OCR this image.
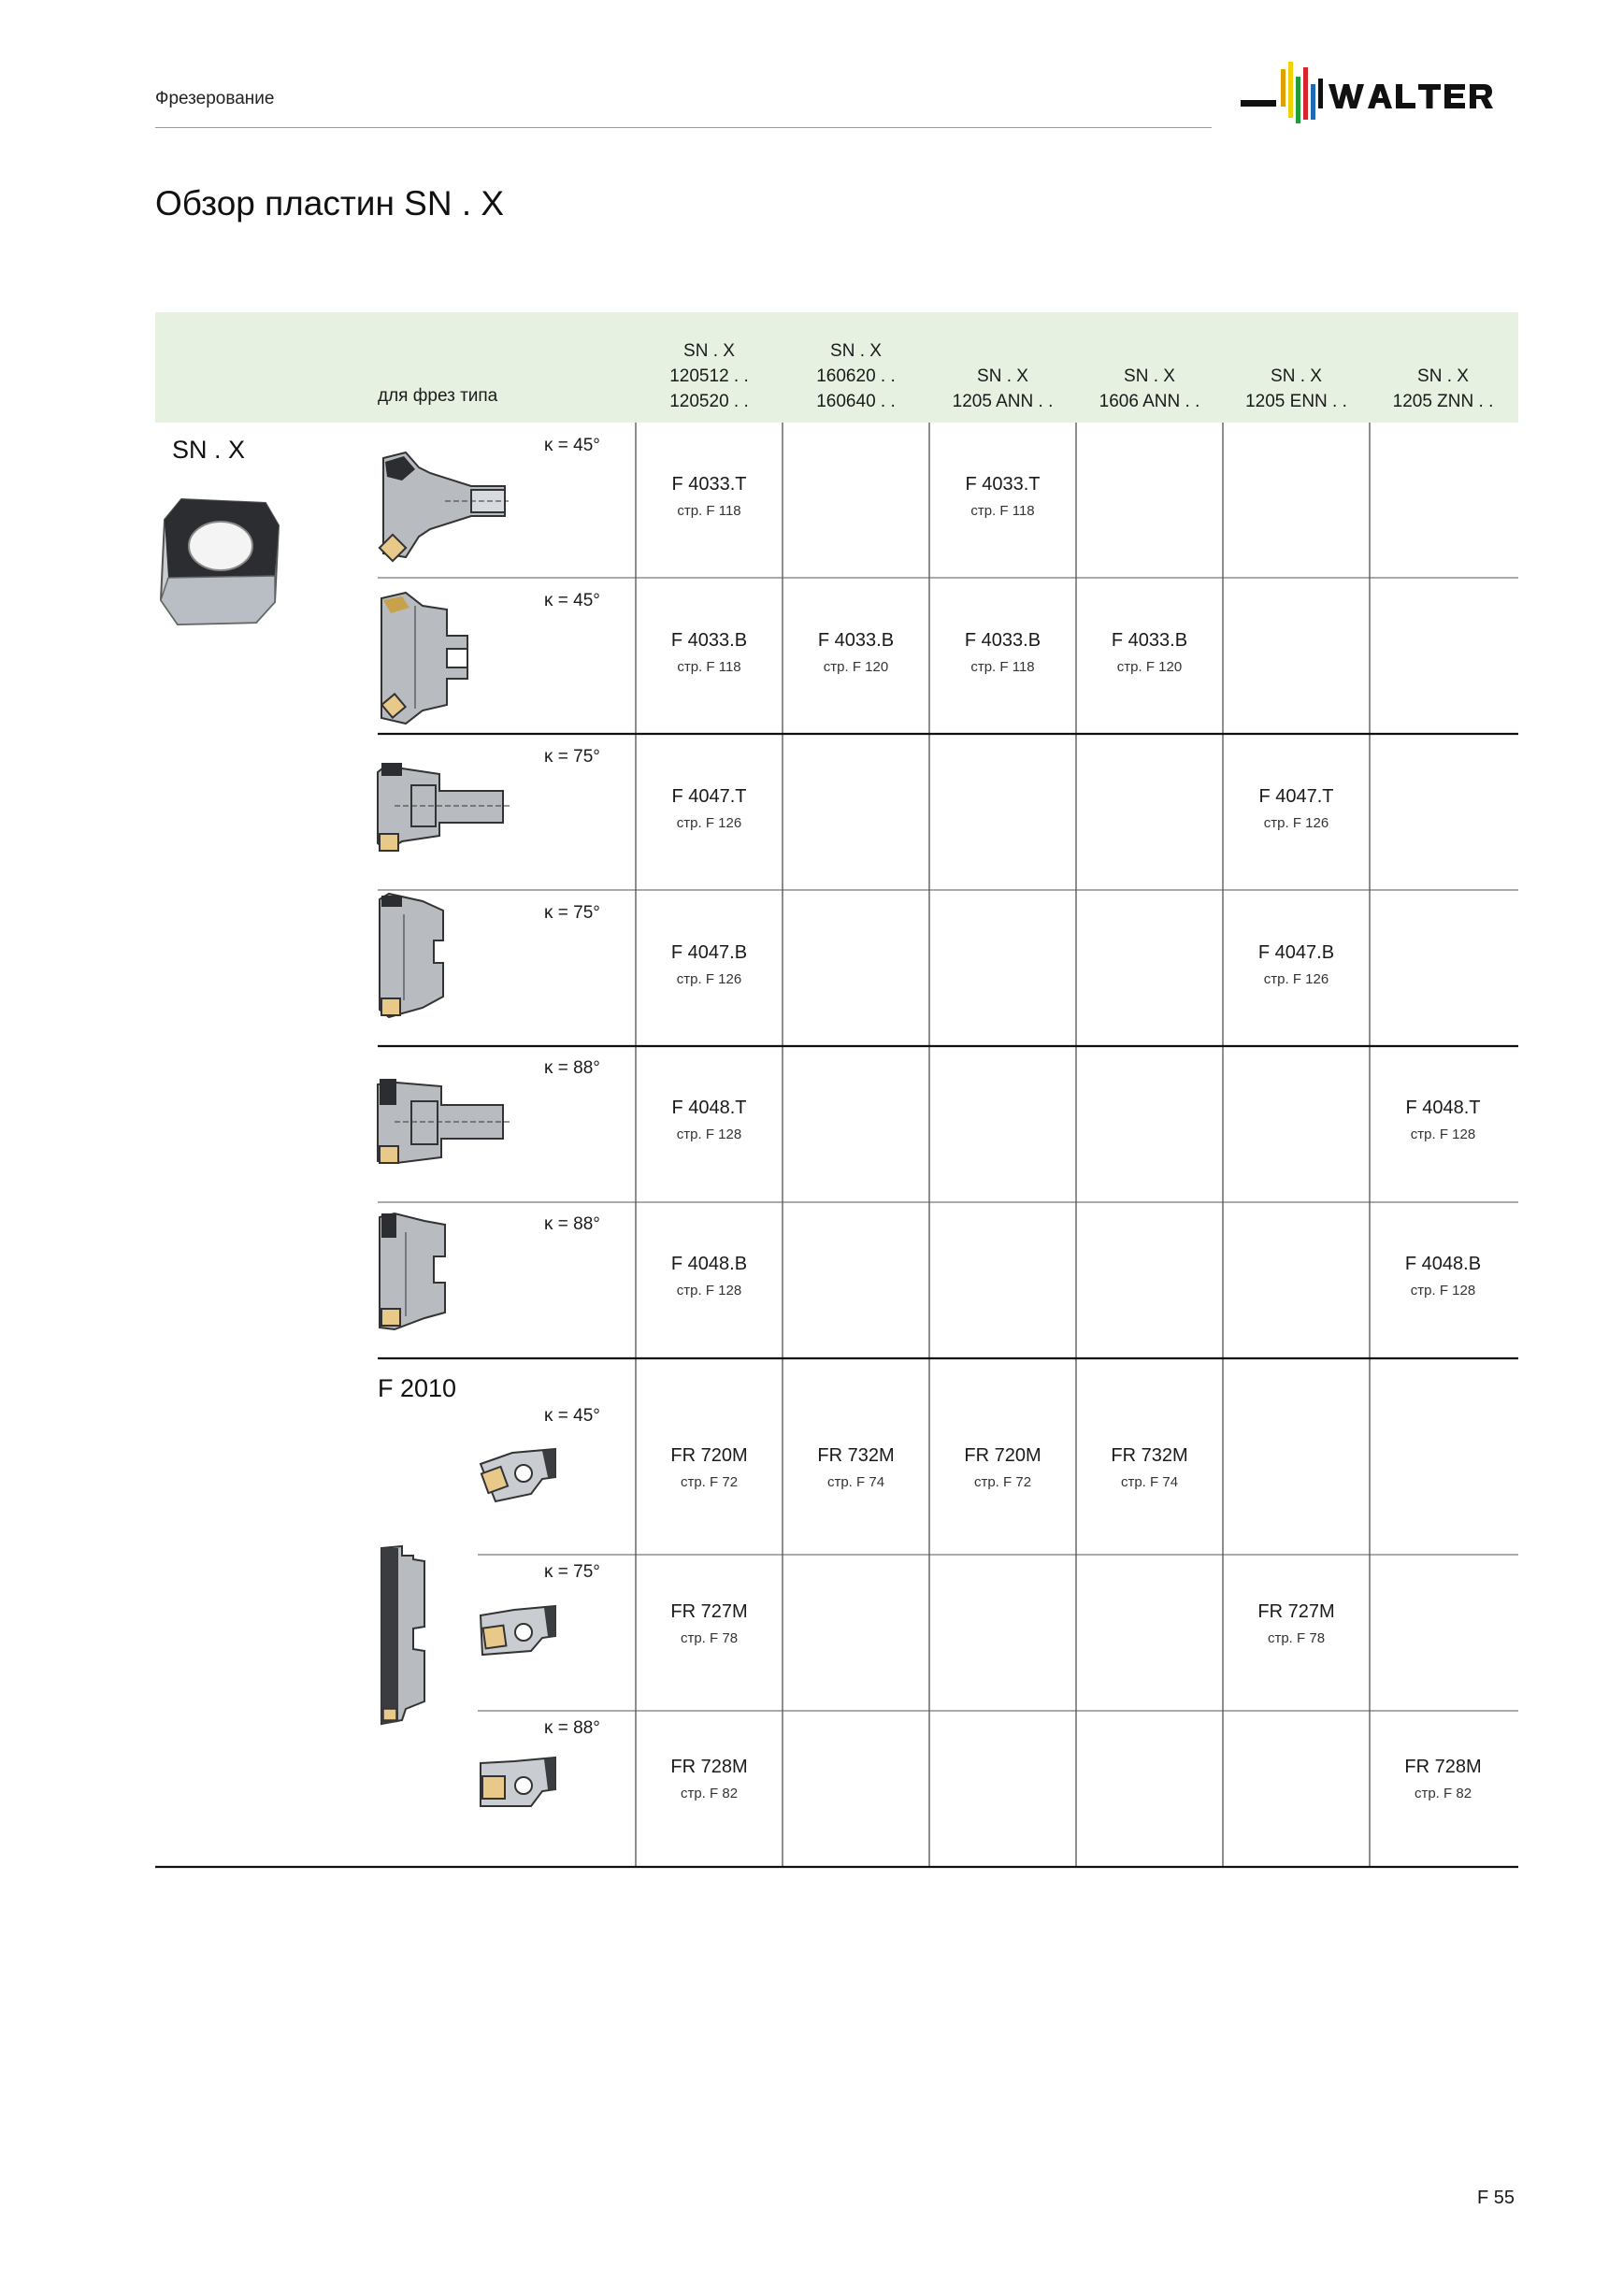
Фрезерование
Обзор пластин SN . X
для фрез типа
SN . X
120512 . .
120520 . .
SN . X
160620 . .
160640 . .

SN . X
1205 ANN . .

SN . X
1606 ANN . .

SN . X
1205 ENN . .

SN . X
1205 ZNN . .
SN . X
F 2010
κ = 45°
κ = 45°
κ = 75°
κ = 75°
κ = 88°
κ = 88°
κ = 45°
κ = 75°
κ = 88°
F 4033.T
стр. F 118
F 4033.T
стр. F 118
F 4033.B
стр. F 118
F 4033.B
стр. F 120
F 4033.B
стр. F 118
F 4033.B
стр. F 120
F 4047.T
стр. F 126
F 4047.T
стр. F 126
F 4047.B
стр. F 126
F 4047.B
стр. F 126
F 4048.T
стр. F 128
F 4048.T
стр. F 128
F 4048.B
стр. F 128
F 4048.B
стр. F 128
FR 720M
стр. F 72
FR 732M
стр. F 74
FR 720M
стр. F 72
FR 732M
стр. F 74
FR 727M
стр. F 78
FR 727M
стр. F 78
FR 728M
стр. F 82
FR 728M
стр. F 82
F 55
